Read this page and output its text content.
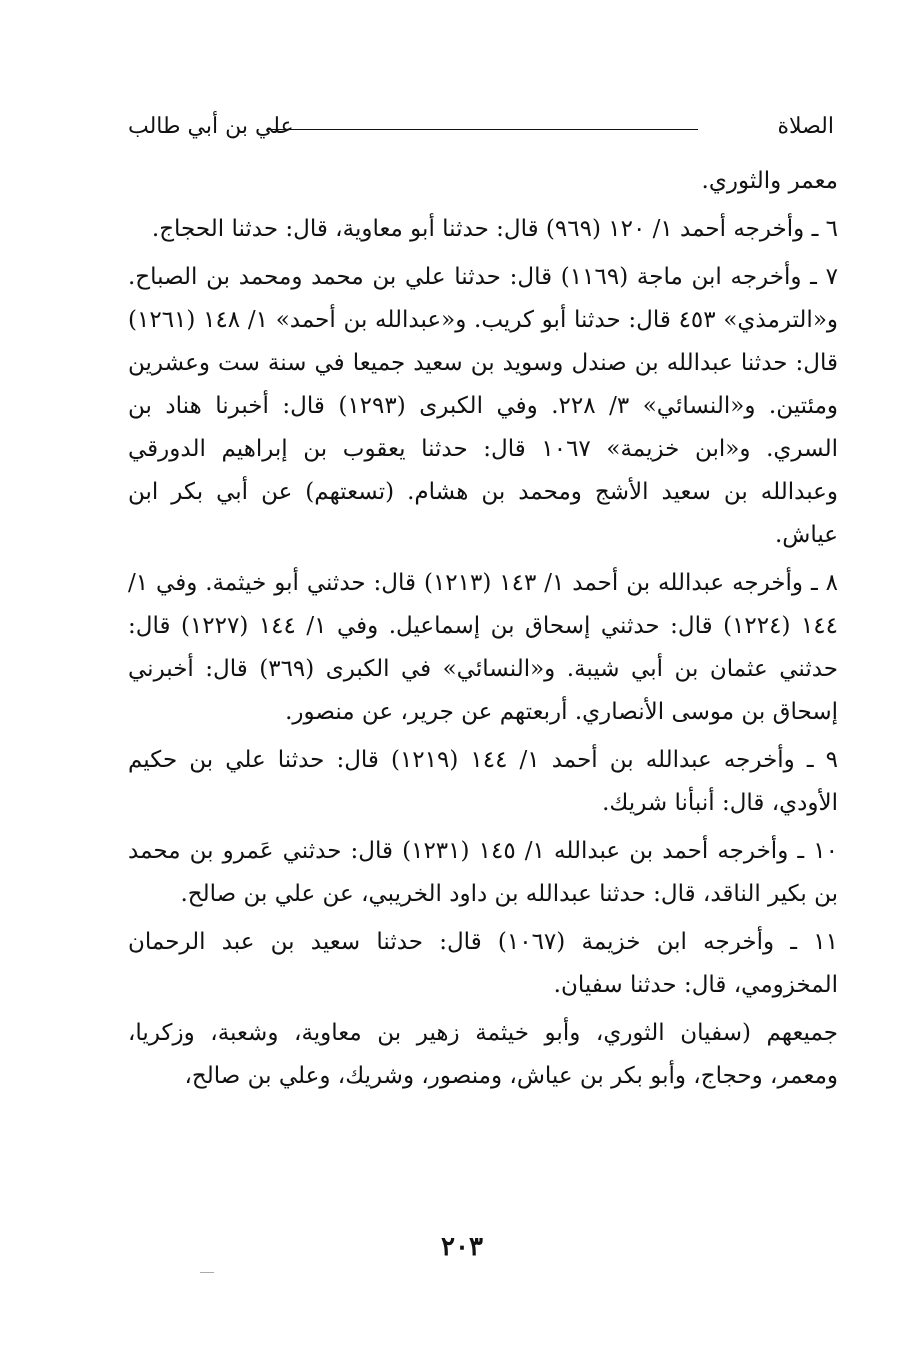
الصلاة
علي بن أبي طالب

معمر والثوري.

٦ ـ وأخرجه أحمد ١/ ١٢٠ (٩٦٩) قال: حدثنا أبو معاوية، قال: حدثنا الحجاج.

٧ ـ وأخرجه ابن ماجة (١١٦٩) قال: حدثنا علي بن محمد ومحمد بن الصباح. و«الترمذي» ٤٥٣ قال: حدثنا أبو كريب. و«عبدالله بن أحمد» ١/ ١٤٨ (١٢٦١) قال: حدثنا عبدالله بن صندل وسويد بن سعيد جميعا في سنة ست وعشرين ومئتين. و«النسائي» ٣/ ٢٢٨. وفي الكبرى (١٢٩٣) قال: أخبرنا هناد بن السري. و«ابن خزيمة» ١٠٦٧ قال: حدثنا يعقوب بن إبراهيم الدورقي وعبدالله بن سعيد الأشج ومحمد بن هشام. (تسعتهم) عن أبي بكر ابن عياش.

٨ ـ وأخرجه عبدالله بن أحمد ١/ ١٤٣ (١٢١٣) قال: حدثني أبو خيثمة. وفي ١/ ١٤٤ (١٢٢٤) قال: حدثني إسحاق بن إسماعيل. وفي ١/ ١٤٤ (١٢٢٧) قال: حدثني عثمان بن أبي شيبة. و«النسائي» في الكبرى (٣٦٩) قال: أخبرني إسحاق بن موسى الأنصاري. أربعتهم عن جرير، عن منصور.

٩ ـ وأخرجه عبدالله بن أحمد ١/ ١٤٤ (١٢١٩) قال: حدثنا علي بن حكيم الأودي، قال: أنبأنا شريك.

١٠ ـ وأخرجه أحمد بن عبدالله ١/ ١٤٥ (١٢٣١) قال: حدثني عَمرو بن محمد بن بكير الناقد، قال: حدثنا عبدالله بن داود الخريبي، عن علي بن صالح.

١١ ـ وأخرجه ابن خزيمة (١٠٦٧) قال: حدثنا سعيد بن عبد الرحمان المخزومي، قال: حدثنا سفيان.

جميعهم (سفيان الثوري، وأبو خيثمة زهير بن معاوية، وشعبة، وزكريا، ومعمر، وحجاج، وأبو بكر بن عياش، ومنصور، وشريك، وعلي بن صالح،

٢٠٣
